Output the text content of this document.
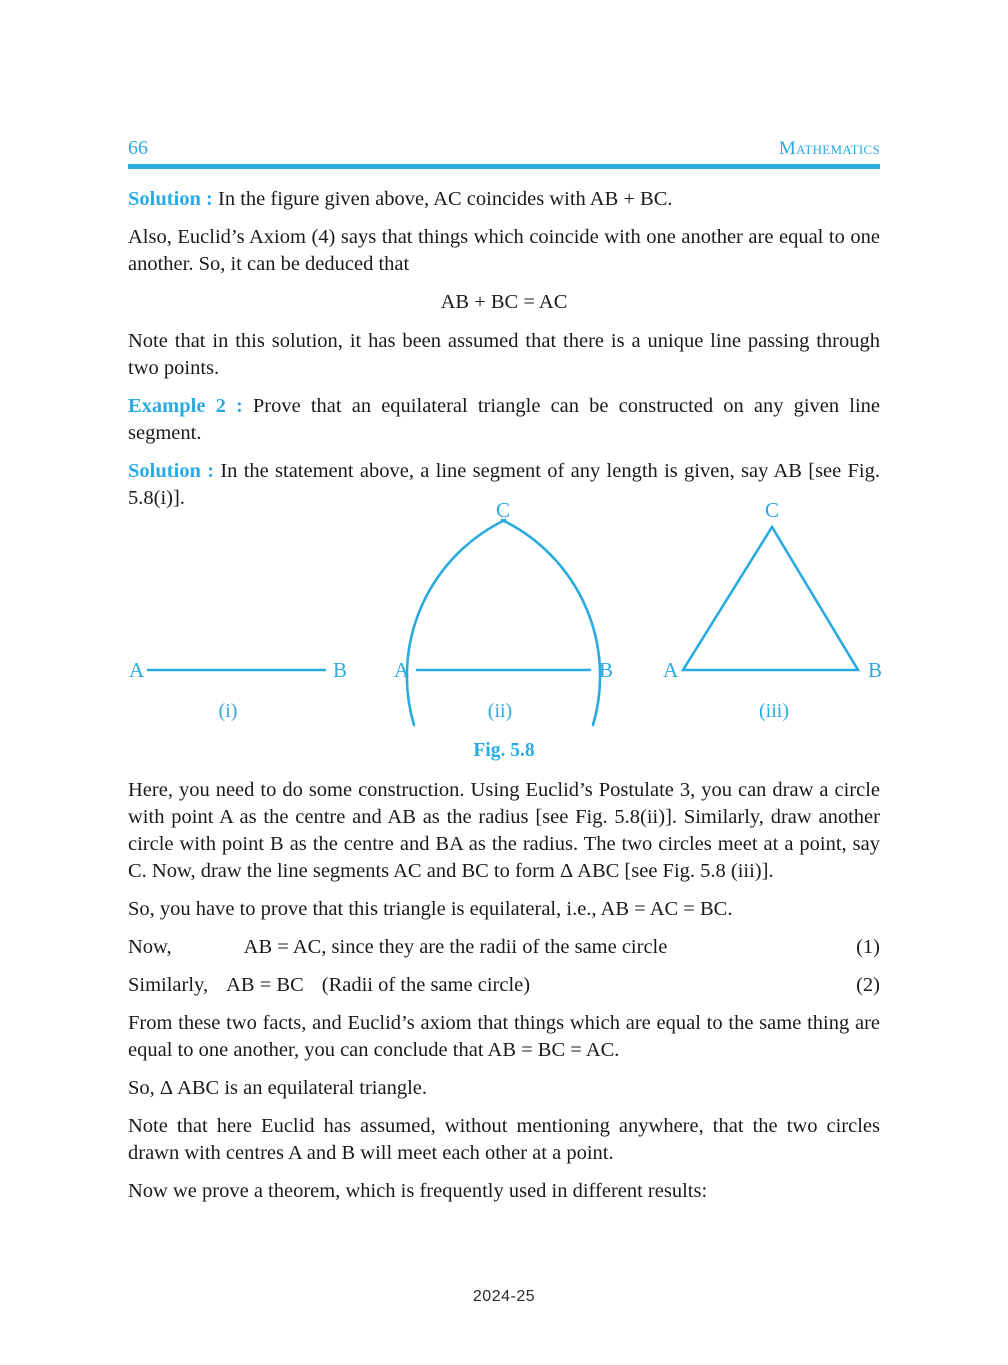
66	Mathematics

Solution : In the figure given above, AC coincides with AB + BC.

Also, Euclid’s Axiom (4) says that things which coincide with one another are equal to one another. So, it can be deduced that

AB + BC = AC

Note that in this solution, it has been assumed that there is a unique line passing through two points.

Example 2 : Prove that an equilateral triangle can be constructed on any given line segment.

Solution : In the statement above, a line segment of any length is given, say AB [see Fig. 5.8(i)].

A	B A	B
C
A	B
C
(i)	(ii)	(iii)
Fig. 5.8

Here, you need to do some construction. Using Euclid’s Postulate 3, you can draw a circle with point A as the centre and AB as the radius [see Fig. 5.8(ii)]. Similarly, draw another circle with point B as the centre and BA as the radius. The two circles meet at a point, say C. Now, draw the line segments AC and BC to form Δ ABC [see Fig. 5.8 (iii)].

So, you have to prove that this triangle is equilateral, i.e., AB = AC = BC.

Now,	AB = AC, since they are the radii of the same circle	(1)
Similarly, AB = BC (Radii of the same circle)	(2)

From these two facts, and Euclid’s axiom that things which are equal to the same thing are equal to one another, you can conclude that AB = BC = AC.

So, Δ ABC is an equilateral triangle.

Note that here Euclid has assumed, without mentioning anywhere, that the two circles drawn with centres A and B will meet each other at a point.

Now we prove a theorem, which is frequently used in different results:

2024-25
